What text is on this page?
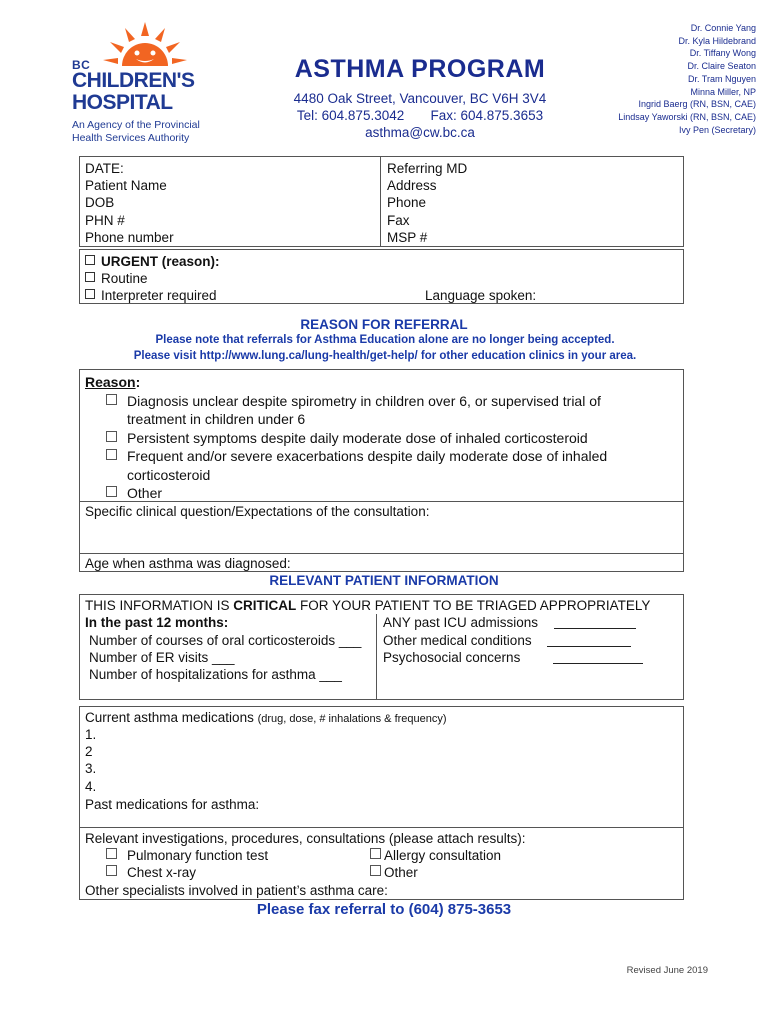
BC
CHILDREN'S
HOSPITAL
An Agency of the Provincial
Health Services Authority
ASTHMA PROGRAM
4480 Oak Street, Vancouver, BC V6H 3V4
Tel: 604.875.3042 Fax: 604.875.3653
asthma@cw.bc.ca
Dr. Connie Yang
Dr. Kyla Hildebrand
Dr. Tiffany Wong
Dr. Claire Seaton
Dr. Tram Nguyen
Minna Miller, NP
Ingrid Baerg (RN, BSN, CAE)
Lindsay Yaworski (RN, BSN, CAE)
Ivy Pen (Secretary)
DATE:
Patient Name
DOB
PHN #
Phone number
Referring MD
Address
Phone
Fax
MSP #
URGENT (reason):
Routine
Interpreter required	Language spoken:
REASON FOR REFERRAL
Please note that referrals for Asthma Education alone are no longer being accepted.
Please visit http://www.lung.ca/lung-health/get-help/ for other education clinics in your area.
Reason:
Diagnosis unclear despite spirometry in children over 6, or supervised trial of
treatment in children under 6
Persistent symptoms despite daily moderate dose of inhaled corticosteroid
Frequent and/or severe exacerbations despite daily moderate dose of inhaled
corticosteroid
Other
Specific clinical question/Expectations of the consultation:
Age when asthma was diagnosed:
RELEVANT PATIENT INFORMATION
THIS INFORMATION IS CRITICAL FOR YOUR PATIENT TO BE TRIAGED APPROPRIATELY
In the past 12 months:
Number of courses of oral corticosteroids ___
Number of ER visits ___
Number of hospitalizations for asthma ___
ANY past ICU admissions
Other medical conditions
Psychosocial concerns
Current asthma medications (drug, dose, # inhalations & frequency)
1.
2
3.
4.
Past medications for asthma:
Relevant investigations, procedures, consultations (please attach results):
Pulmonary function test
Chest x-ray
Allergy consultation
Other
Other specialists involved in patient’s asthma care:
Please fax referral to (604) 875-3653
Revised June 2019
